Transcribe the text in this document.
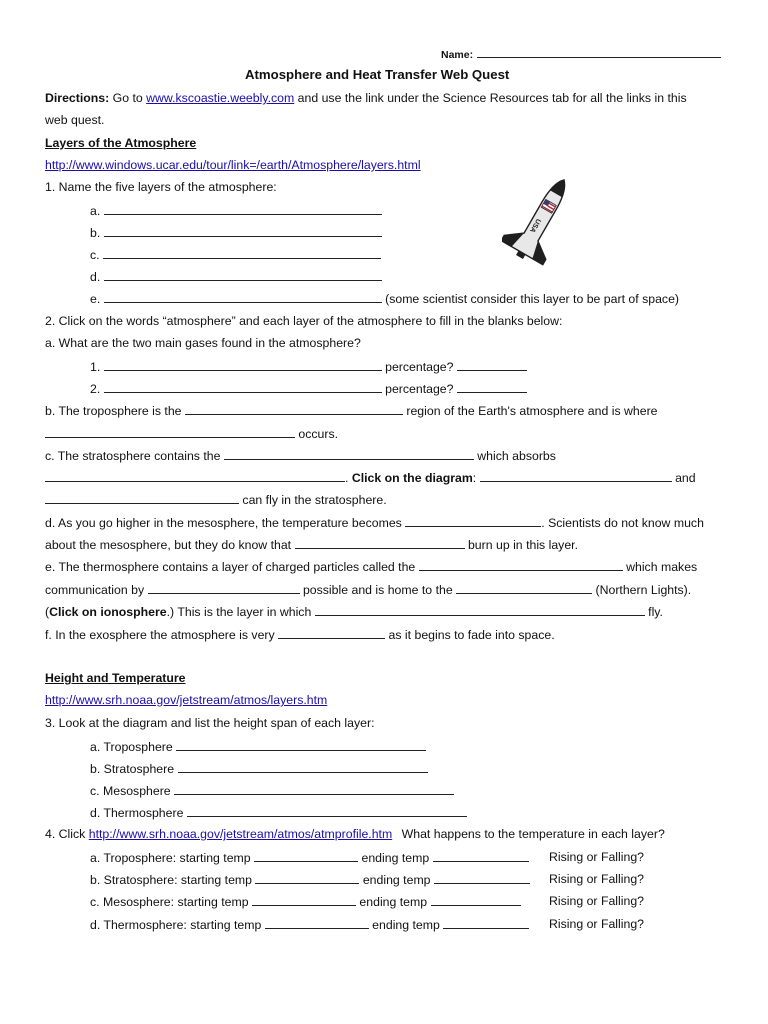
Name:
Atmosphere and Heat Transfer Web Quest
Directions: Go to www.kscoastie.weebly.com and use the link under the Science Resources tab for all the links in this
web quest.
Layers of the Atmosphere
http://www.windows.ucar.edu/tour/link=/earth/Atmosphere/layers.html
1. Name the five layers of the atmosphere:
a.
b.
c.
d.
e.	(some scientist consider this layer to be part of space)
USA
2. Click on the words “atmosphere” and each layer of the atmosphere to fill in the blanks below:
a. What are the two main gases found in the atmosphere?
1.	percentage?
2.	percentage?
b. The troposphere is the	region of the Earth's atmosphere and is where
occurs.
c. The stratosphere contains the	which absorbs
. Click on the diagram:	and
can fly in the stratosphere.
d. As you go higher in the mesosphere, the temperature becomes	. Scientists do not know much
about the mesosphere, but they do know that	burn up in this layer.
e. The thermosphere contains a layer of charged particles called the	which makes
communication by	possible and is home to the	(Northern Lights).
(Click on ionosphere.) This is the layer in which	fly.
f. In the exosphere the atmosphere is very	as it begins to fade into space.
Height and Temperature
http://www.srh.noaa.gov/jetstream/atmos/layers.htm
3. Look at the diagram and list the height span of each layer:
a. Troposphere
b. Stratosphere
c. Mesosphere
d. Thermosphere
4. Click http://www.srh.noaa.gov/jetstream/atmos/atmprofile.htm What happens to the temperature in each layer?
a. Troposphere: starting temp	ending temp	Rising or Falling?
b. Stratosphere: starting temp	ending temp	Rising or Falling?
c. Mesosphere: starting temp	ending temp	Rising or Falling?
d. Thermosphere: starting temp	ending temp	Rising or Falling?
